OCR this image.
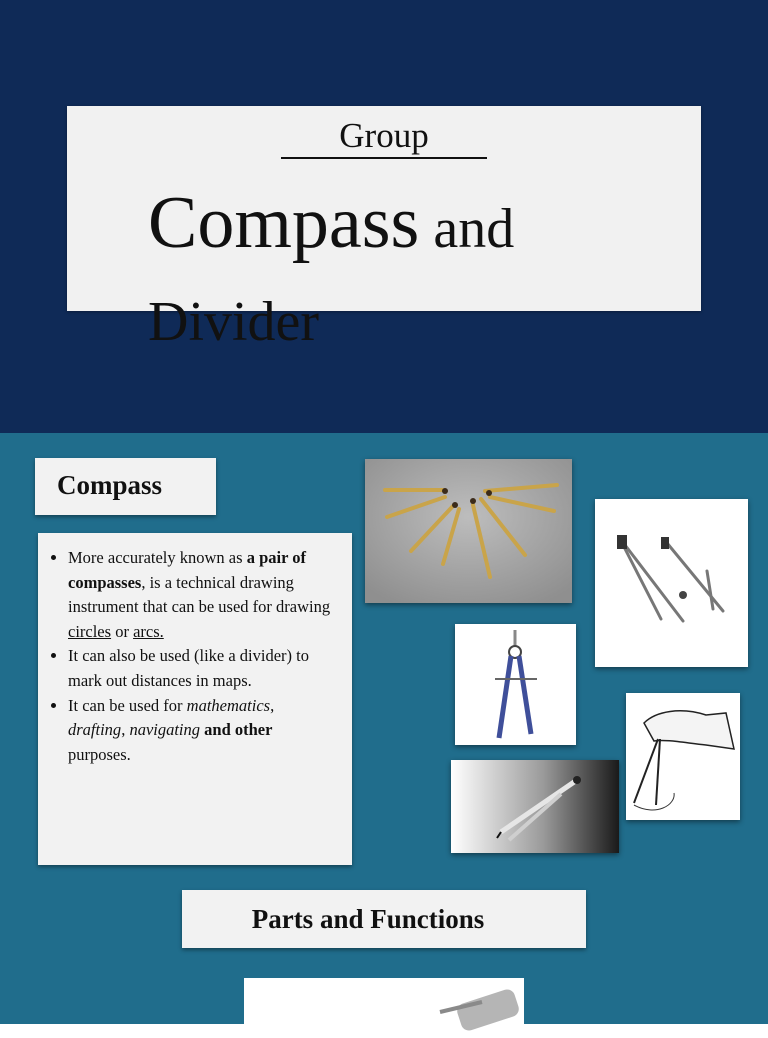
Group
Compass and
Divider
Compass
• More accurately known as a pair of compasses, is a technical drawing instrument that can be used for drawing circles or arcs.
• It can also be used (like a divider) to mark out distances in maps.
• It can be used for mathematics, drafting, navigating and other purposes.
Parts and Functions
